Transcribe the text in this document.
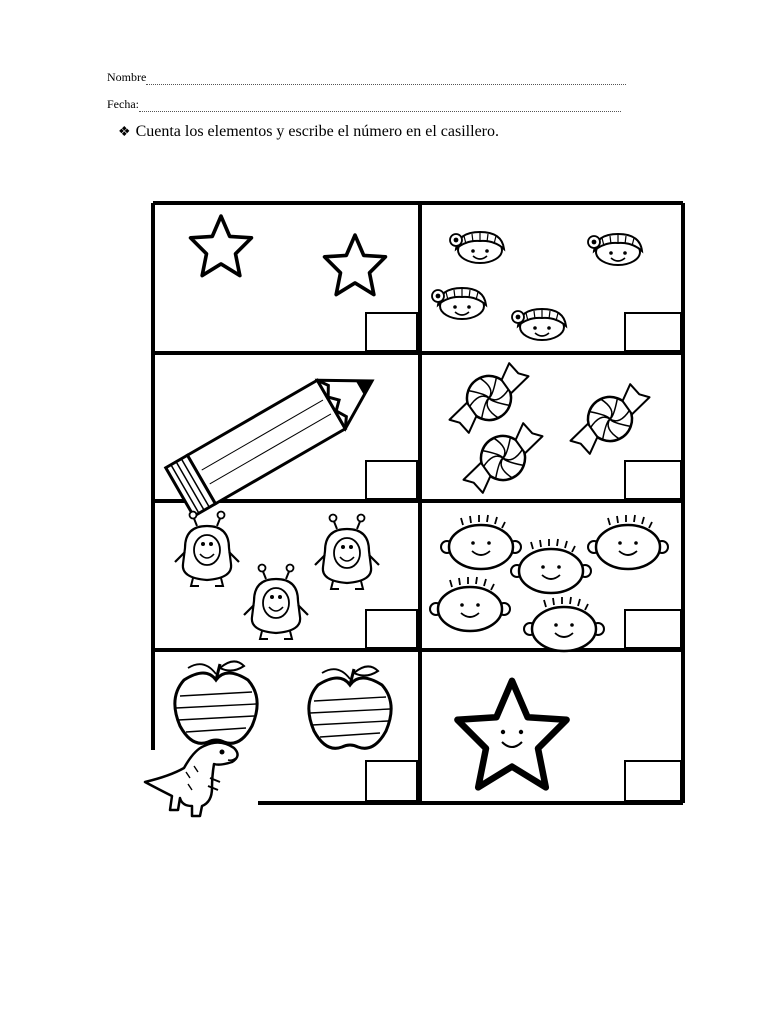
Nombre
Fecha:
❖ Cuenta los elementos y escribe el número en el casillero.
